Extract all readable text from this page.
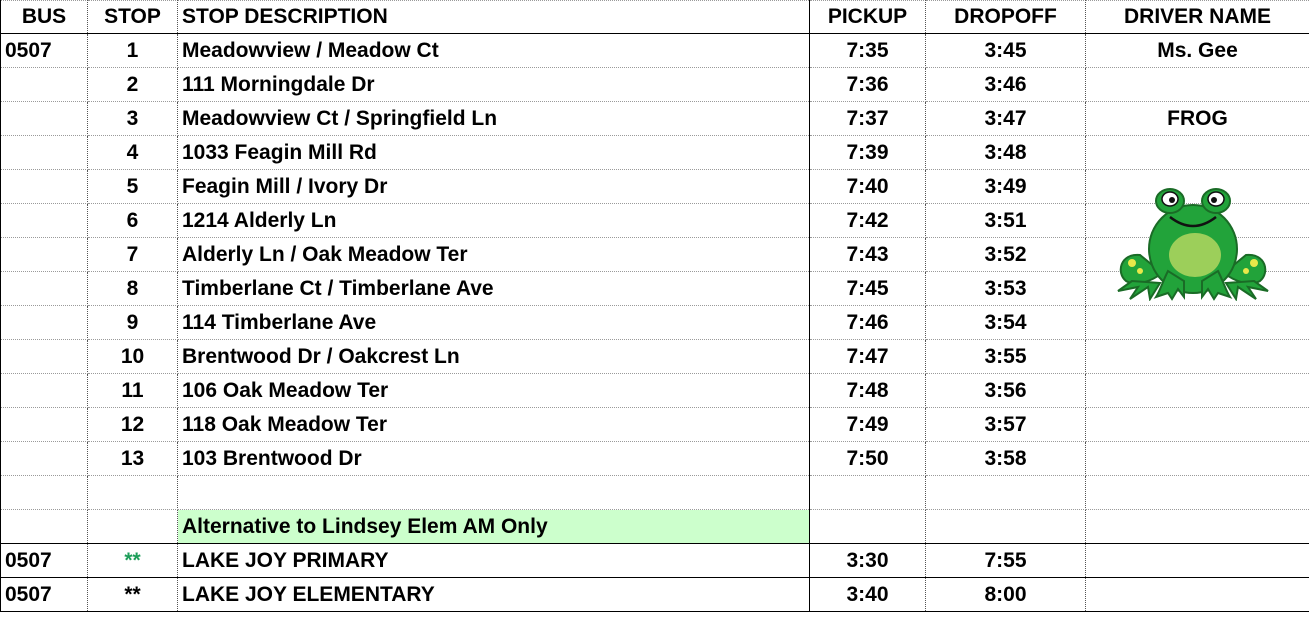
BUS	STOP	STOP DESCRIPTION	PICKUP	DROPOFF	DRIVER NAME
0507	1	Meadowview / Meadow Ct	7:35	3:45	Ms. Gee
	2	111 Morningdale Dr	7:36	3:46	
	3	Meadowview Ct / Springfield Ln	7:37	3:47	FROG
	4	1033 Feagin Mill Rd	7:39	3:48	
	5	Feagin Mill / Ivory Dr	7:40	3:49	
	6	1214 Alderly Ln	7:42	3:51	
	7	Alderly Ln / Oak Meadow Ter	7:43	3:52	
	8	Timberlane Ct / Timberlane Ave	7:45	3:53	
	9	114 Timberlane Ave	7:46	3:54	
	10	Brentwood Dr / Oakcrest Ln	7:47	3:55	
	11	106 Oak Meadow Ter	7:48	3:56	
	12	118 Oak Meadow Ter	7:49	3:57	
	13	103 Brentwood Dr	7:50	3:58	

		Alternative to Lindsey Elem AM Only			
0507	**	LAKE JOY PRIMARY	3:30	7:55	
0507	**	LAKE JOY ELEMENTARY	3:40	8:00	
